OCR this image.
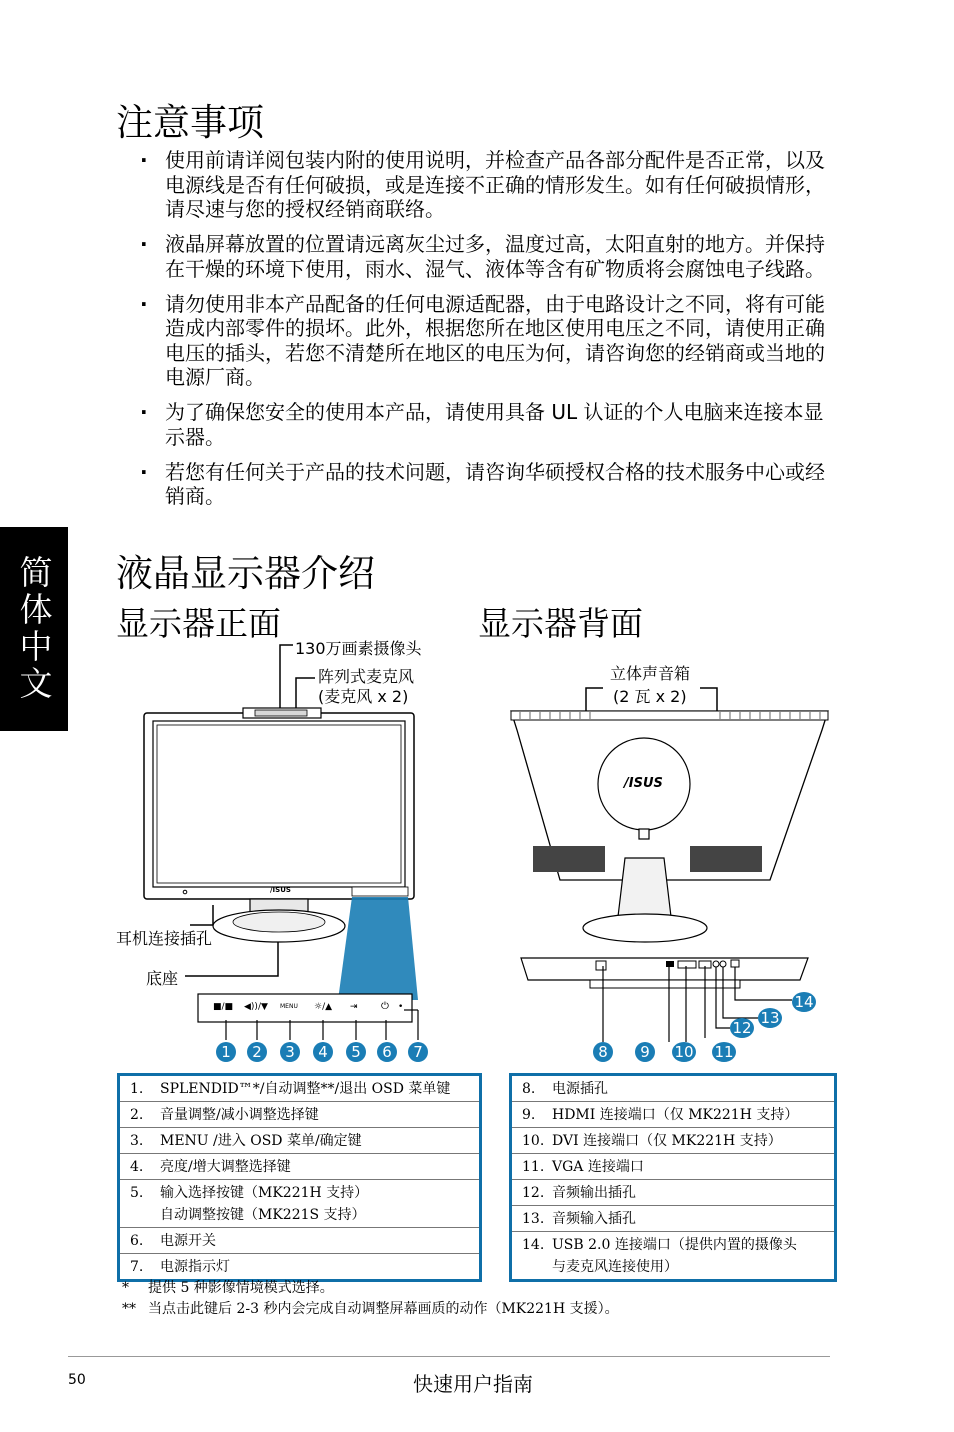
简体中文
注意事项
· 使用前请详阅包装内附的使用说明，并检查产品各部分配件是否正常，以及电源线是否有任何破损，或是连接不正确的情形发生。如有任何破损情形，请尽速与您的授权经销商联络。
· 液晶屏幕放置的位置请远离灰尘过多，温度过高，太阳直射的地方。并保持在干燥的环境下使用，雨水、湿气、液体等含有矿物质将会腐蚀电子线路。
· 请勿使用非本产品配备的任何电源适配器，由于电路设计之不同，将有可能造成内部零件的损坏。此外，根据您所在地区使用电压之不同，请使用正确电压的插头，若您不清楚所在地区的电压为何，请咨询您的经销商或当地的电源厂商。
· 为了确保您安全的使用本产品，请使用具备 UL 认证的个人电脑来连接本显示器。
· 若您有任何关于产品的技术问题，请咨询华硕授权合格的技术服务中心或经销商。
液晶显示器介绍
显示器正面	显示器背面
/ISUS
■/■ ◀))/▼ MENU ☼/▲ ⇥ ⏻ •
130万画素摄像头
阵列式麦克风
(麦克风 x 2)
耳机连接插孔
底座
1	2	3	4	5	6	7
/ISUS
立体声音箱
(2 瓦 x 2)
8	9	10 11
12
13
14
1.	SPLENDID™*/自动调整**/退出 OSD 菜单键
2.	音量调整/减小调整选择键
3.	MENU /进入 OSD 菜单/确定键
4.	亮度/增大调整选择键
5.	输入选择按键（MK221H 支持）
自动调整按键（MK221S 支持）

6.	电源开关
7.	电源指示灯
8.	电源插孔
9.	HDMI 连接端口（仅 MK221H 支持）
10.	DVI 连接端口（仅 MK221H 支持）
11.	VGA 连接端口
12.	音频输出插孔
13.	音频输入插孔
14.	USB 2.0 连接端口（提供内置的摄像头
与麦克风连接使用）
* 提供 5 种影像情境模式选择。
** 当点击此键后 2-3 秒内会完成自动调整屏幕画质的动作（MK221H 支援）。
50	快速用户指南
